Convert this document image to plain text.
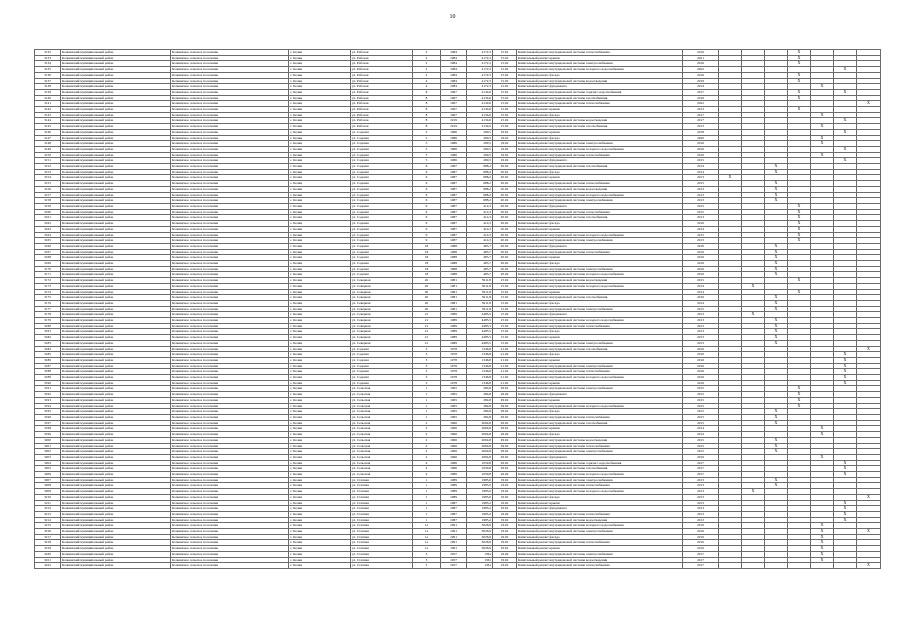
10
3132	Кочкинский муниципальный район	Кочкинское сельское поселение	с. Кочки	ул. Рабочая	2	1984	4172,3	15.02	Капитальный ремонт внутридомовой системы теплоснабжения	2016				X			
3133	Кочкинский муниципальный район	Кочкинское сельское поселение	с. Кочки	ул. Рабочая	2	1984	4172,3	15.02	Капитальный ремонт крыши	2021				X			
3134	Кочкинский муниципальный район	Кочкинское сельское поселение	с. Кочки	ул. Рабочая	2	1984	4172,3	15.02	Капитальный ремонт внутридомовой системы электроснабжения	2016				X			
3135	Кочкинский муниципальный район	Кочкинское сельское поселение	с. Кочки	ул. Рабочая	2	1984	4172,3	15.02	Капитальный ремонт внутридомовой системы холодного водоснабжения	2022						X	
3136	Кочкинский муниципальный район	Кочкинское сельское поселение	с. Кочки	ул. Рабочая	2	1984	4172,3	15.02	Капитальный ремонт фасада	2016				X			
3137	Кочкинский муниципальный район	Кочкинское сельское поселение	с. Кочки	ул. Рабочая	4	1984	4172,3	15.02	Капитальный ремонт внутридомовой системы водоотведения	2019				X			
3138	Кочкинский муниципальный район	Кочкинское сельское поселение	с. Кочки	ул. Рабочая	4	1984	4172,3	15.02	Капитальный ремонт фундамента	2014					X		
3139	Кочкинский муниципальный район	Кочкинское сельское поселение	с. Кочки	ул. Рабочая	8	1967	4134,6	15.02	Капитальный ремонт внутридомовой системы горячего водоснабжения	2017				X		X	
3140	Кочкинский муниципальный район	Кочкинское сельское поселение	с. Кочки	ул. Рабочая	8	1967	4134,6	15.02	Капитальный ремонт внутридомовой системы газоснабжения	2016				X			
3141	Кочкинский муниципальный район	Кочкинское сельское поселение	с. Кочки	ул. Рабочая	8	1967	4134,6	15.02	Капитальный ремонт внутридомовой системы теплоснабжения	2022							X
3142	Кочкинский муниципальный район	Кочкинское сельское поселение	с. Кочки	ул. Рабочая	8	1967	4134,6	15.02	Капитальный ремонт крыши	2013				X			
3143	Кочкинский муниципальный район	Кочкинское сельское поселение	с. Кочки	ул. Рабочая	8	1967	4134,6	15.02	Капитальный ремонт фасада	2017					X		
3144	Кочкинский муниципальный район	Кочкинское сельское поселение	с. Кочки	ул. Рабочая	8	1919	4134,6	15.02	Капитальный ремонт внутридомовой системы водоотведения	2017						X	
3145	Кочкинский муниципальный район	Кочкинское сельское поселение	с. Кочки	ул. Рабочая	8	1919	4134,6	15.02	Капитальный ремонт внутридомовой системы газоснабжения	2013					X		
3146	Кочкинский муниципальный район	Кочкинское сельское поселение	с. Кочки	ул. Садовая	5	1986	299,5	19.02	Капитальный ремонт крыши	2018						X	
3147	Кочкинский муниципальный район	Кочкинское сельское поселение	с. Кочки	ул. Садовая	5	1986	299,5	19.02	Капитальный ремонт фасада	2020					X		
3148	Кочкинский муниципальный район	Кочкинское сельское поселение	с. Кочки	ул. Садовая	5	1986	299,5	19.02	Капитальный ремонт внутридомовой системы электроснабжения	2016					X		
3149	Кочкинский муниципальный район	Кочкинское сельское поселение	с. Кочки	ул. Садовая	5	1986	299,5	19.02	Капитальный ремонт внутридомовой системы холодного водоснабжения	2016						X	
3150	Кочкинский муниципальный район	Кочкинское сельское поселение	с. Кочки	ул. Садовая	5	1986	299,5	19.02	Капитальный ремонт внутридомовой системы теплоснабжения	2016					X		
3151	Кочкинский муниципальный район	Кочкинское сельское поселение	с. Кочки	ул. Садовая	5	1986	299,5	19.02	Капитальный ремонт фундамента	2015						X	
3152	Кочкинский муниципальный район	Кочкинское сельское поселение	с. Кочки	ул. Садовая	6	1987	688,2	20.02	Капитальный ремонт внутридомовой системы газоснабжения	2014			X				
3153	Кочкинский муниципальный район	Кочкинское сельское поселение	с. Кочки	ул. Садовая	6	1987	688,2	20.02	Капитальный ремонт фасада	2014			X				
3154	Кочкинский муниципальный район	Кочкинское сельское поселение	с. Кочки	ул. Садовая	6	1987	688,2	20.02	Капитальный ремонт крыши	2013	X						
3155	Кочкинский муниципальный район	Кочкинское сельское поселение	с. Кочки	ул. Садовая	6	1987	688,2	20.02	Капитальный ремонт внутридомовой системы теплоснабжения	2015			X				
3156	Кочкинский муниципальный район	Кочкинское сельское поселение	с. Кочки	ул. Садовая	6	1987	688,2	20.02	Капитальный ремонт внутридомовой системы водоотведения	2013			X				
3157	Кочкинский муниципальный район	Кочкинское сельское поселение	с. Кочки	ул. Садовая	6	1987	688,2	20.02	Капитальный ремонт внутридомовой системы холодного водоснабжения	2013			X				
3158	Кочкинский муниципальный район	Кочкинское сельское поселение	с. Кочки	ул. Садовая	6	1987	688,2	20.02	Капитальный ремонт внутридомовой системы электроснабжения	2013			X				
3159	Кочкинский муниципальный район	Кочкинское сельское поселение	с. Кочки	ул. Садовая	9	1987	414,3	20.02	Капитальный ремонт фундамента	2015				X			
3160	Кочкинский муниципальный район	Кочкинское сельское поселение	с. Кочки	ул. Садовая	9	1987	414,3	20.02	Капитальный ремонт внутридомовой системы теплоснабжения	2015				X			
3161	Кочкинский муниципальный район	Кочкинское сельское поселение	с. Кочки	ул. Садовая	9	1987	414,3	20.02	Капитальный ремонт внутридомовой системы газоснабжения	2013				X			
3162	Кочкинский муниципальный район	Кочкинское сельское поселение	с. Кочки	ул. Садовая	9	1987	414,3	20.02	Капитальный ремонт фасада	2016				X			
3163	Кочкинский муниципальный район	Кочкинское сельское поселение	с. Кочки	ул. Садовая	9	1987	414,3	20.02	Капитальный ремонт крыши	2014				X			
3164	Кочкинский муниципальный район	Кочкинское сельское поселение	с. Кочки	ул. Садовая	9	1987	414,3	20.02	Капитальный ремонт внутридомовой системы холодного водоснабжения	2015				X			
3165	Кочкинский муниципальный район	Кочкинское сельское поселение	с. Кочки	ул. Садовая	9	1987	414,3	20.02	Капитальный ремонт внутридомовой системы электроснабжения	2013				X			
3166	Кочкинский муниципальный район	Кочкинское сельское поселение	с. Кочки	ул. Садовая	18	1988	483,7	20.02	Капитальный ремонт фундамента	2016			X				
3167	Кочкинский муниципальный район	Кочкинское сельское поселение	с. Кочки	ул. Садовая	18	1988	483,7	20.02	Капитальный ремонт внутридомовой системы теплоснабжения	2016			X				
3168	Кочкинский муниципальный район	Кочкинское сельское поселение	с. Кочки	ул. Садовая	18	1988	483,7	20.02	Капитальный ремонт крыши	2016			X				
3169	Кочкинский муниципальный район	Кочкинское сельское поселение	с. Кочки	ул. Садовая	18	1988	483,7	20.02	Капитальный ремонт фасада	2016			X				
3170	Кочкинский муниципальный район	Кочкинское сельское поселение	с. Кочки	ул. Садовая	18	1988	483,7	20.02	Капитальный ремонт внутридомовой системы электроснабжения	2016			X				
3171	Кочкинский муниципальный район	Кочкинское сельское поселение	с. Кочки	ул. Садовая	18	1988	483,7	20.02	Капитальный ремонт внутридомовой системы холодного водоснабжения	2016			X				
3172	Кочкинский муниципальный район	Кочкинское сельское поселение	с. Кочки	ул. Северная	20	1981	5911,8	15.02	Капитальный ремонт внутридомовой системы водоотведения	2015				X			
3173	Кочкинский муниципальный район	Кочкинское сельское поселение	с. Кочки	ул. Северная	20	1981	5911,8	15.02	Капитальный ремонт внутридомовой системы холодного водоснабжения	2014		X					
3174	Кочкинский муниципальный район	Кочкинское сельское поселение	с. Кочки	ул. Северная	20	1981	5911,8	15.02	Капитальный ремонт крыши	2014				X			
3175	Кочкинский муниципальный район	Кочкинское сельское поселение	с. Кочки	ул. Северная	20	1981	5911,8	15.02	Капитальный ремонт внутридомовой системы газоснабжения	2016			X				
3176	Кочкинский муниципальный район	Кочкинское сельское поселение	с. Кочки	ул. Северная	20	1981	5911,8	15.02	Капитальный ремонт фасада	2014			X				
3177	Кочкинский муниципальный район	Кочкинское сельское поселение	с. Кочки	ул. Северная	20	1981	5911,8	15.02	Капитальный ремонт внутридомовой системы электроснабжения	2015			X				
3178	Кочкинский муниципальный район	Кочкинское сельское поселение	с. Кочки	ул. Северная	21	1989	4485,5	15.02	Капитальный ремонт фундамента	2013		X					
3179	Кочкинский муниципальный район	Кочкинское сельское поселение	с. Кочки	ул. Северная	21	1989	4485,5	15.02	Капитальный ремонт внутридомовой системы холодного водоснабжения	2013			X				
3180	Кочкинский муниципальный район	Кочкинское сельское поселение	с. Кочки	ул. Северная	21	1989	4485,5	15.02	Капитальный ремонт внутридомовой системы теплоснабжения	2013			X				
3181	Кочкинский муниципальный район	Кочкинское сельское поселение	с. Кочки	ул. Северная	21	1989	4485,5	15.02	Капитальный ремонт фасада	2013			X				
3182	Кочкинский муниципальный район	Кочкинское сельское поселение	с. Кочки	ул. Северная	21	1989	4485,5	15.02	Капитальный ремонт крыши	2013			X				
3183	Кочкинский муниципальный район	Кочкинское сельское поселение	с. Кочки	ул. Северная	21	1989	4485,5	15.02	Капитальный ремонт внутридомовой системы электроснабжения	2013			X				
3184	Кочкинский муниципальный район	Кочкинское сельское поселение	с. Кочки	ул. Садовая	3	1978	1346,8	21.02	Капитальный ремонт внутридомовой системы газоснабжения	2016							X
3185	Кочкинский муниципальный район	Кочкинское сельское поселение	с. Кочки	ул. Садовая	3	1978	1346,8	21.02	Капитальный ремонт фасада	2016						X	
3186	Кочкинский муниципальный район	Кочкинское сельское поселение	с. Кочки	ул. Садовая	3	1978	1346,8	21.02	Капитальный ремонт крыши	2016						X	
3187	Кочкинский муниципальный район	Кочкинское сельское поселение	с. Кочки	ул. Садовая	3	1978	1346,8	21.02	Капитальный ремонт внутридомовой системы электроснабжения	2016						X	
3188	Кочкинский муниципальный район	Кочкинское сельское поселение	с. Кочки	ул. Садовая	3	1978	1346,8	21.02	Капитальный ремонт внутридомовой системы теплоснабжения	2016						X	
3189	Кочкинский муниципальный район	Кочкинское сельское поселение	с. Кочки	ул. Садовая	3	1978	1346,8	21.02	Капитальный ремонт внутридомовой системы холодного водоснабжения	2016						X	
3190	Кочкинский муниципальный район	Кочкинское сельское поселение	с. Кочки	ул. Садовая	3	1978	1346,8	21.02	Капитальный ремонт крыши	2016						X	
3191	Кочкинский муниципальный район	Кочкинское сельское поселение	с. Кочки	ул. Сельская	1	1965	284,8	29.02	Капитальный ремонт внутридомовой системы электроснабжения	2015				X			
3192	Кочкинский муниципальный район	Кочкинское сельское поселение	с. Кочки	ул. Сельская	1	1965	284,8	29.02	Капитальный ремонт фундамента	2015				X			
3193	Кочкинский муниципальный район	Кочкинское сельское поселение	с. Кочки	ул. Сельская	1	1965	284,8	29.02	Капитальный ремонт крыши	2015				X			
3194	Кочкинский муниципальный район	Кочкинское сельское поселение	с. Кочки	ул. Сельская	1	1965	284,8	29.02	Капитальный ремонт внутридомовой системы холодного водоснабжения	2015				X			
3195	Кочкинский муниципальный район	Кочкинское сельское поселение	с. Кочки	ул. Сельская	1	1965	284,8	29.02	Капитальный ремонт фасада	2015			X				
3196	Кочкинский муниципальный район	Кочкинское сельское поселение	с. Кочки	ул. Сельская	1	1965	284,8	29.02	Капитальный ремонт внутридомовой системы теплоснабжения	2015			X				
3197	Кочкинский муниципальный район	Кочкинское сельское поселение	с. Кочки	ул. Сельская	2	1966	2064,8	29.02	Капитальный ремонт внутридомовой системы газоснабжения	2015			X				
3198	Кочкинский муниципальный район	Кочкинское сельское поселение	с. Кочки	ул. Сельская	2	1966	2064,8	29.02	Капитальный ремонт крыши	2014					X		
3199	Кочкинский муниципальный район	Кочкинское сельское поселение	с. Кочки	ул. Сельская	2	1966	2064,8	29.02	Капитальный ремонт фасада	2014					X		
3200	Кочкинский муниципальный район	Кочкинское сельское поселение	с. Кочки	ул. Сельская	2	1966	2064,8	29.02	Капитальный ремонт внутридомовой системы водоотведения	2015			X				
3201	Кочкинский муниципальный район	Кочкинское сельское поселение	с. Кочки	ул. Сельская	2	1966	2064,8	29.02	Капитальный ремонт внутридомовой системы теплоснабжения	2015			X				
3202	Кочкинский муниципальный район	Кочкинское сельское поселение	с. Кочки	ул. Сельская	2	1966	2064,8	29.02	Капитальный ремонт внутридомовой системы электроснабжения	2015			X				
3203	Кочкинский муниципальный район	Кочкинское сельское поселение	с. Кочки	ул. Сельская	2	1966	2064,8	29.02	Капитальный ремонт фундамента	2016					X		
3204	Кочкинский муниципальный район	Кочкинское сельское поселение	с. Кочки	ул. Сельская	4	1986	1059,8	29.02	Капитальный ремонт внутридомовой системы горячего водоснабжения	2017						X	
3205	Кочкинский муниципальный район	Кочкинское сельское поселение	с. Кочки	ул. Сельская	4	1986	1059,8	29.02	Капитальный ремонт внутридомовой системы газоснабжения	2017						X	
3206	Кочкинский муниципальный район	Кочкинское сельское поселение	с. Кочки	ул. Сельская	4	1986	1059,8	29.02	Капитальный ремонт внутридомовой системы холодного водоснабжения	2017						X	
3207	Кочкинский муниципальный район	Кочкинское сельское поселение	с. Кочки	ул. Степная	1	1989	1985,0	19.02	Капитальный ремонт внутридомовой системы электроснабжения	2013			X				
3208	Кочкинский муниципальный район	Кочкинское сельское поселение	с. Кочки	ул. Степная	1	1989	1985,0	19.02	Капитальный ремонт внутридомовой системы теплоснабжения	2013			X				
3209	Кочкинский муниципальный район	Кочкинское сельское поселение	с. Кочки	ул. Степная	1	1989	1985,0	19.02	Капитальный ремонт внутридомовой системы холодного водоснабжения	2013		X					
3210	Кочкинский муниципальный район	Кочкинское сельское поселение	с. Кочки	ул. Степная	1	1989	1985,0	19.02	Капитальный ремонт фасада	2013							X
3211	Кочкинский муниципальный район	Кочкинское сельское поселение	с. Кочки	ул. Степная	1	1987	1985,2	19.02	Капитальный ремонт крыши	2013						X	
3212	Кочкинский муниципальный район	Кочкинское сельское поселение	с. Кочки	ул. Степная	1	1987	1985,2	19.02	Капитальный ремонт фундамента	2013						X	
3213	Кочкинский муниципальный район	Кочкинское сельское поселение	с. Кочки	ул. Степная	1	1987	1985,2	19.02	Капитальный ремонт внутридомовой системы теплоснабжения	2013						X	
3214	Кочкинский муниципальный район	Кочкинское сельское поселение	с. Кочки	ул. Степная	1	1987	1985,2	19.02	Капитальный ремонт внутридомовой системы водоотведения	2013						X	
3215	Кочкинский муниципальный район	Кочкинское сельское поселение	с. Кочки	ул. Степная	1а	1991	3026,9	19.02	Капитальный ремонт внутридомовой системы холодного водоснабжения	2016					X		
3216	Кочкинский муниципальный район	Кочкинское сельское поселение	с. Кочки	ул. Степная	1а	1991	3026,9	19.02	Капитальный ремонт внутридомовой системы электроснабжения	2016					X		X
3217	Кочкинский муниципальный район	Кочкинское сельское поселение	с. Кочки	ул. Степная	1а	1991	3026,9	19.02	Капитальный ремонт фасада	2016					X		
3218	Кочкинский муниципальный район	Кочкинское сельское поселение	с. Кочки	ул. Степная	1а	1991	3026,9	19.02	Капитальный ремонт внутридомовой системы теплоснабжения	2016					X		
3219	Кочкинский муниципальный район	Кочкинское сельское поселение	с. Кочки	ул. Степная	1а	1991	3026,9	19.02	Капитальный ремонт крыши	2016					X		
3220	Кочкинский муниципальный район	Кочкинское сельское поселение	с. Кочки	ул. Степная	3	1957	1361	19.02	Капитальный ремонт внутридомовой системы электроснабжения	2017					X		
3221	Кочкинский муниципальный район	Кочкинское сельское поселение	с. Кочки	ул. Степная	3	1957	1361	19.02	Капитальный ремонт внутридомовой системы водоотведения	2017					X		
3222	Кочкинский муниципальный район	Кочкинское сельское поселение	с. Кочки	ул. Степная	3	1957	1361	19.02	Капитальный ремонт внутридомовой системы теплоснабжения	2017							X
